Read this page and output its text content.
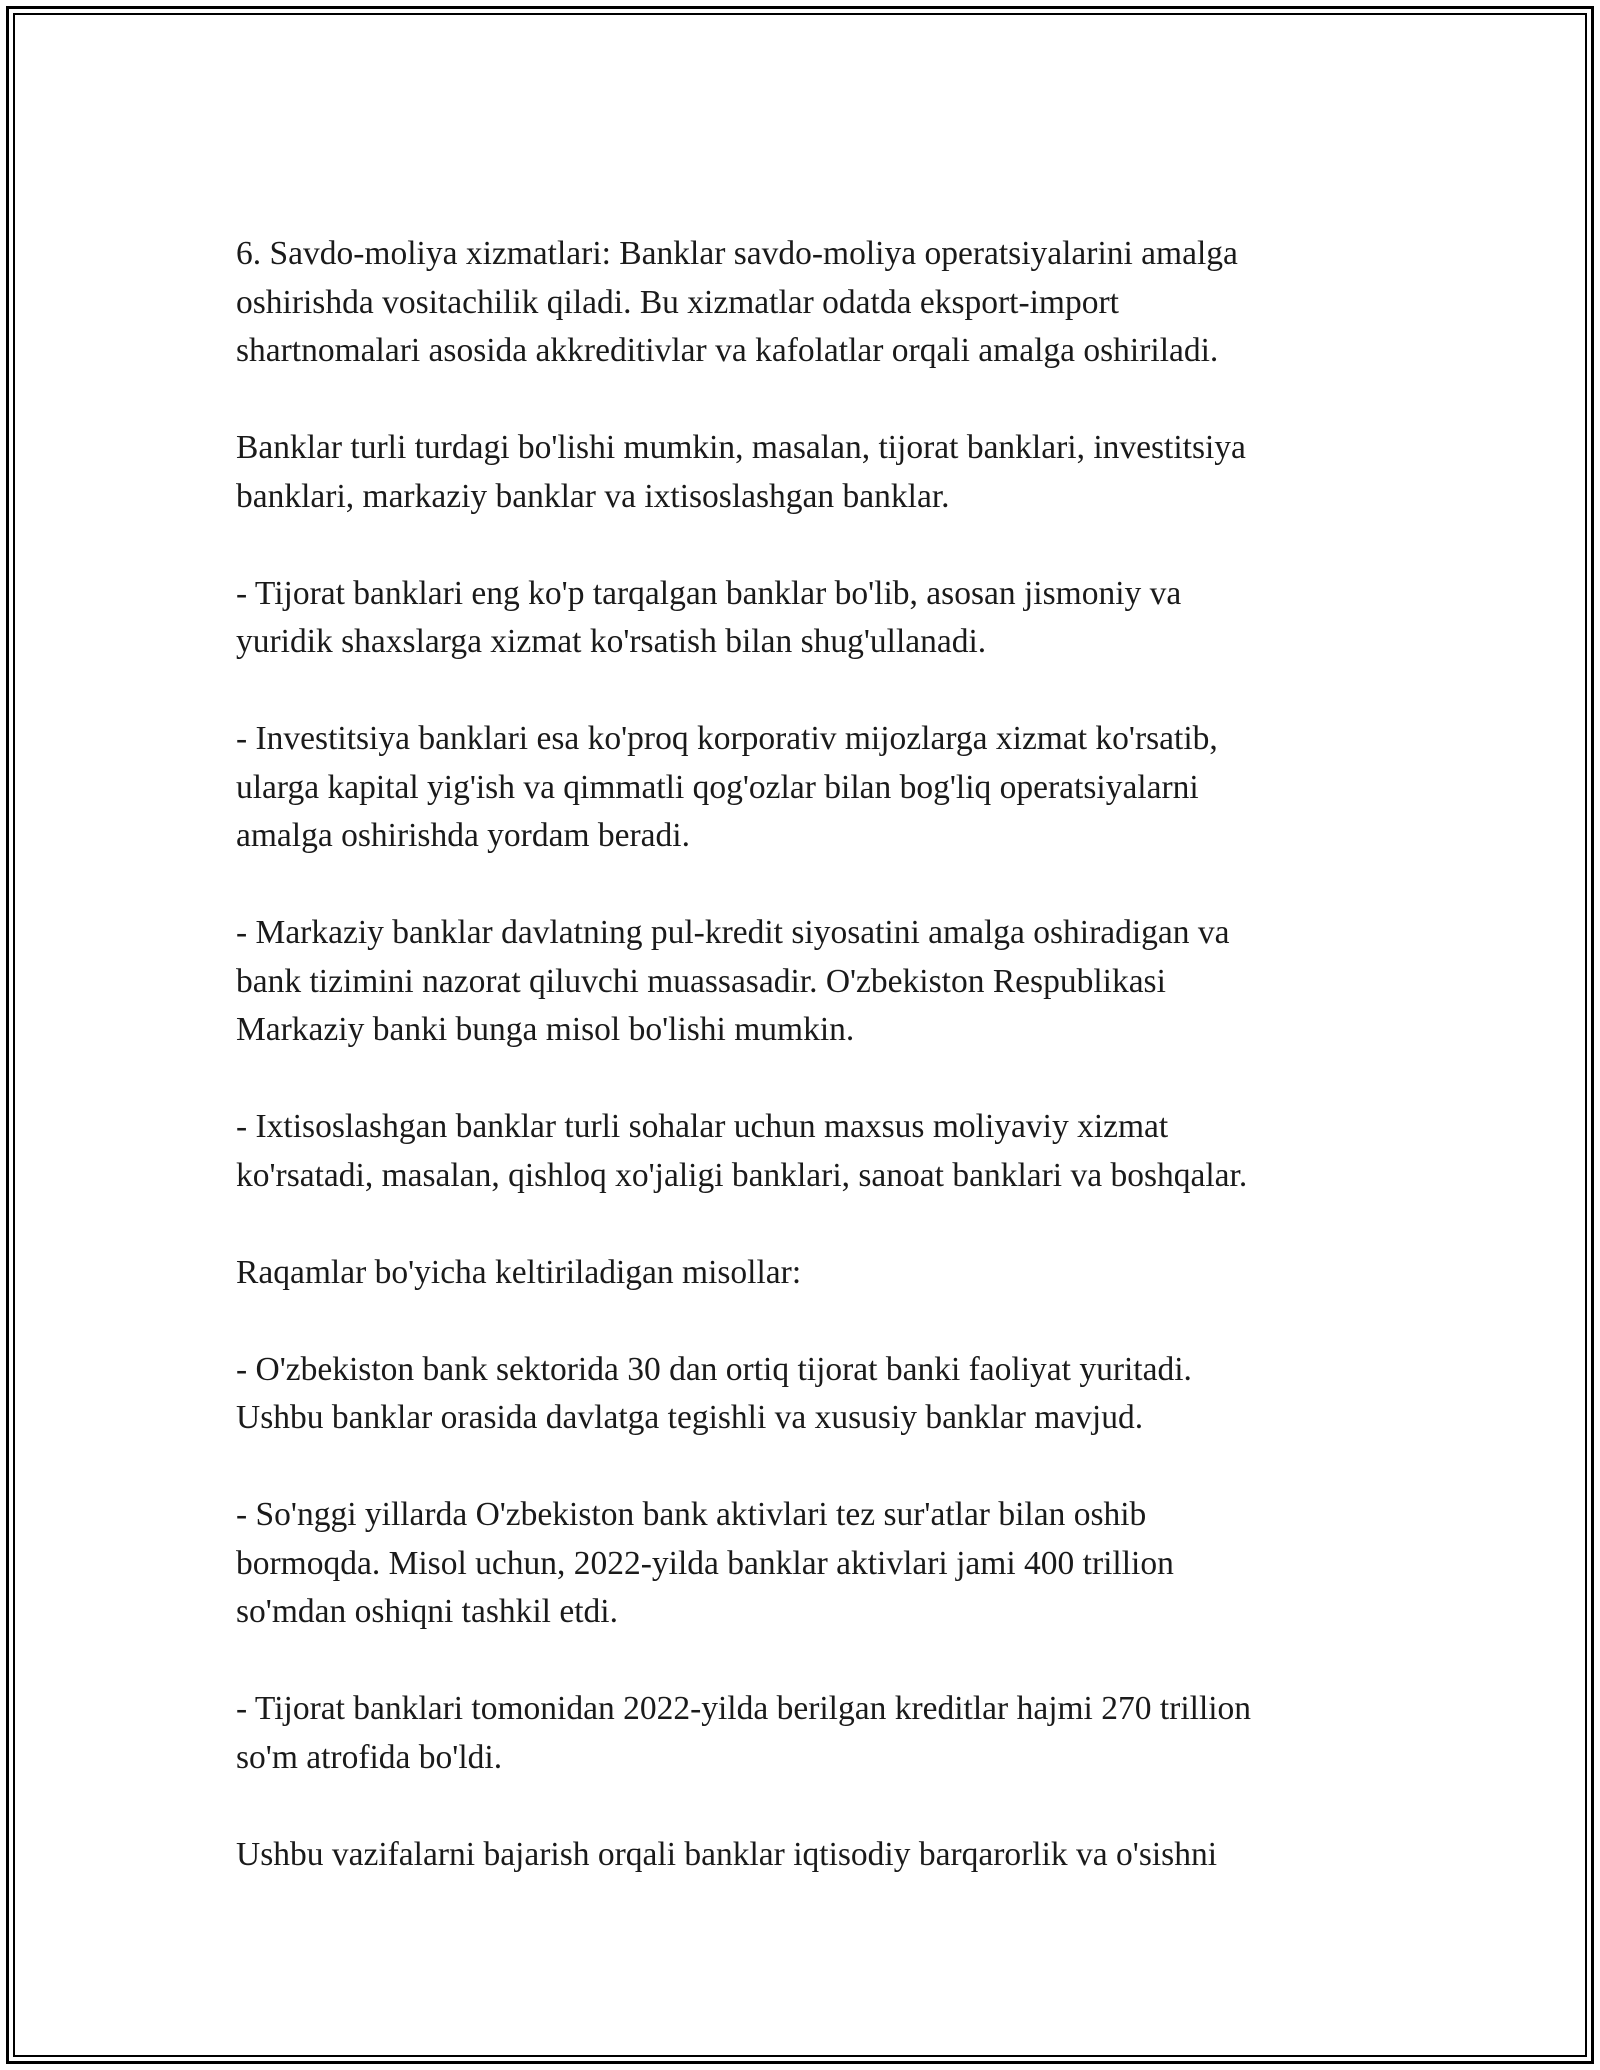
6. Savdo-moliya xizmatlari: Banklar savdo-moliya operatsiyalarini amalga
oshirishda vositachilik qiladi. Bu xizmatlar odatda eksport-import
shartnomalari asosida akkreditivlar va kafolatlar orqali amalga oshiriladi.

Banklar turli turdagi bo'lishi mumkin, masalan, tijorat banklari, investitsiya
banklari, markaziy banklar va ixtisoslashgan banklar.

- Tijorat banklari eng ko'p tarqalgan banklar bo'lib, asosan jismoniy va
yuridik shaxslarga xizmat ko'rsatish bilan shug'ullanadi.

- Investitsiya banklari esa ko'proq korporativ mijozlarga xizmat ko'rsatib,
ularga kapital yig'ish va qimmatli qog'ozlar bilan bog'liq operatsiyalarni
amalga oshirishda yordam beradi.

- Markaziy banklar davlatning pul-kredit siyosatini amalga oshiradigan va
bank tizimini nazorat qiluvchi muassasadir. O'zbekiston Respublikasi
Markaziy banki bunga misol bo'lishi mumkin.

- Ixtisoslashgan banklar turli sohalar uchun maxsus moliyaviy xizmat
ko'rsatadi, masalan, qishloq xo'jaligi banklari, sanoat banklari va boshqalar.

Raqamlar bo'yicha keltiriladigan misollar:

- O'zbekiston bank sektorida 30 dan ortiq tijorat banki faoliyat yuritadi.
Ushbu banklar orasida davlatga tegishli va xususiy banklar mavjud.

- So'nggi yillarda O'zbekiston bank aktivlari tez sur'atlar bilan oshib
bormoqda. Misol uchun, 2022-yilda banklar aktivlari jami 400 trillion
so'mdan oshiqni tashkil etdi.

- Tijorat banklari tomonidan 2022-yilda berilgan kreditlar hajmi 270 trillion
so'm atrofida bo'ldi.

Ushbu vazifalarni bajarish orqali banklar iqtisodiy barqarorlik va o'sishni
